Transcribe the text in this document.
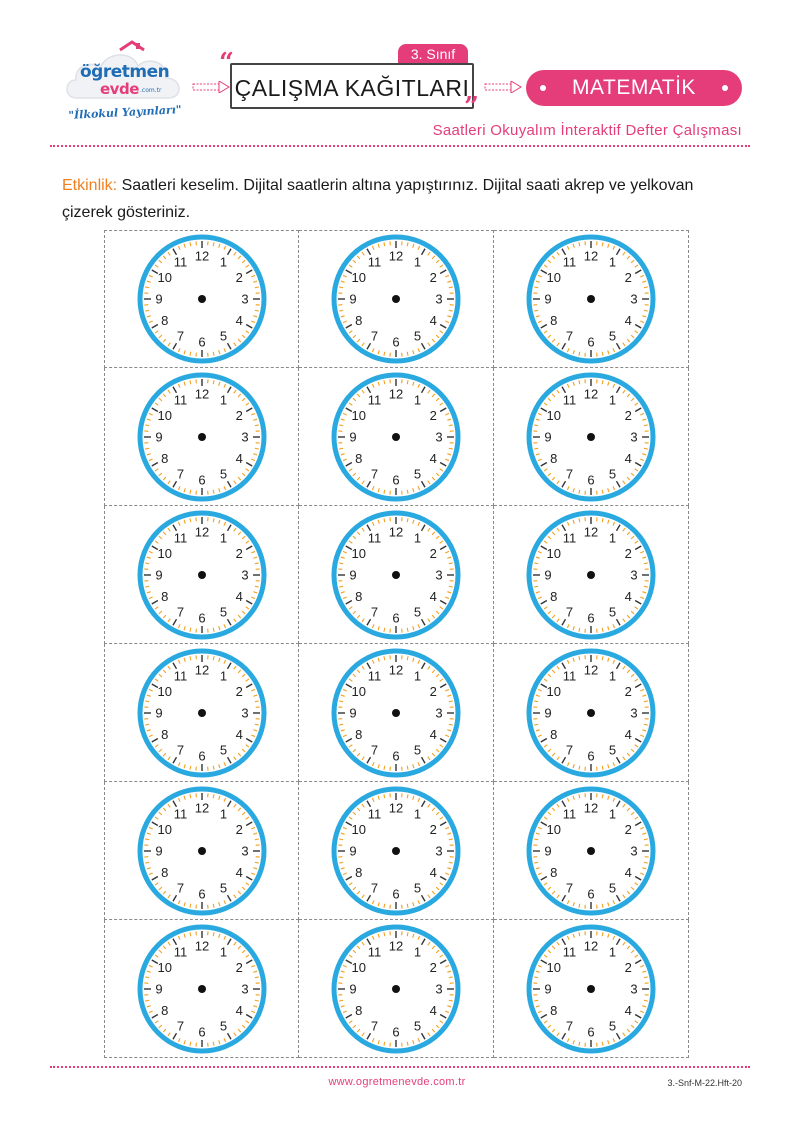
öğretmen
evde .com.tr
"İlkokul Yayınları"
3. Sınıf
ÇALIŞMA KAĞITLARI
“
”
MATEMATİK
Saatleri Okuyalım İnteraktif Defter Çalışması

Etkinlik: Saatleri keselim. Dijital saatlerin altına yapıştırınız. Dijital saati akrep ve yelkovan çizerek gösteriniz.

12 1
2
3
4
5
6
7
8
9
10
11	12 1
2
3
4
5
6
7
8
9
10
11	12 1
2
3
4
5
6
7
8
9
10
11
12 1
2
3
4
5
6
7
8
9
10
11	12 1
2
3
4
5
6
7
8
9
10
11	12 1
2
3
4
5
6
7
8
9
10
11
12 1
2
3
4
5
6
7
8
9
10
11	12 1
2
3
4
5
6
7
8
9
10
11	12 1
2
3
4
5
6
7
8
9
10
11
12 1
2
3
4
5
6
7
8
9
10
11	12 1
2
3
4
5
6
7
8
9
10
11	12 1
2
3
4
5
6
7
8
9
10
11
12 1
2
3
4
5
6
7
8
9
10
11	12 1
2
3
4
5
6
7
8
9
10
11	12 1
2
3
4
5
6
7
8
9
10
11
12 1
2
3
4
5
6
7
8
9
10
11	12 1
2
3
4
5
6
7
8
9
10
11	12 1
2
3
4
5
6
7
8
9
10
11
www.ogretmenevde.com.tr	3.-Snf-M-22.Hft-20
